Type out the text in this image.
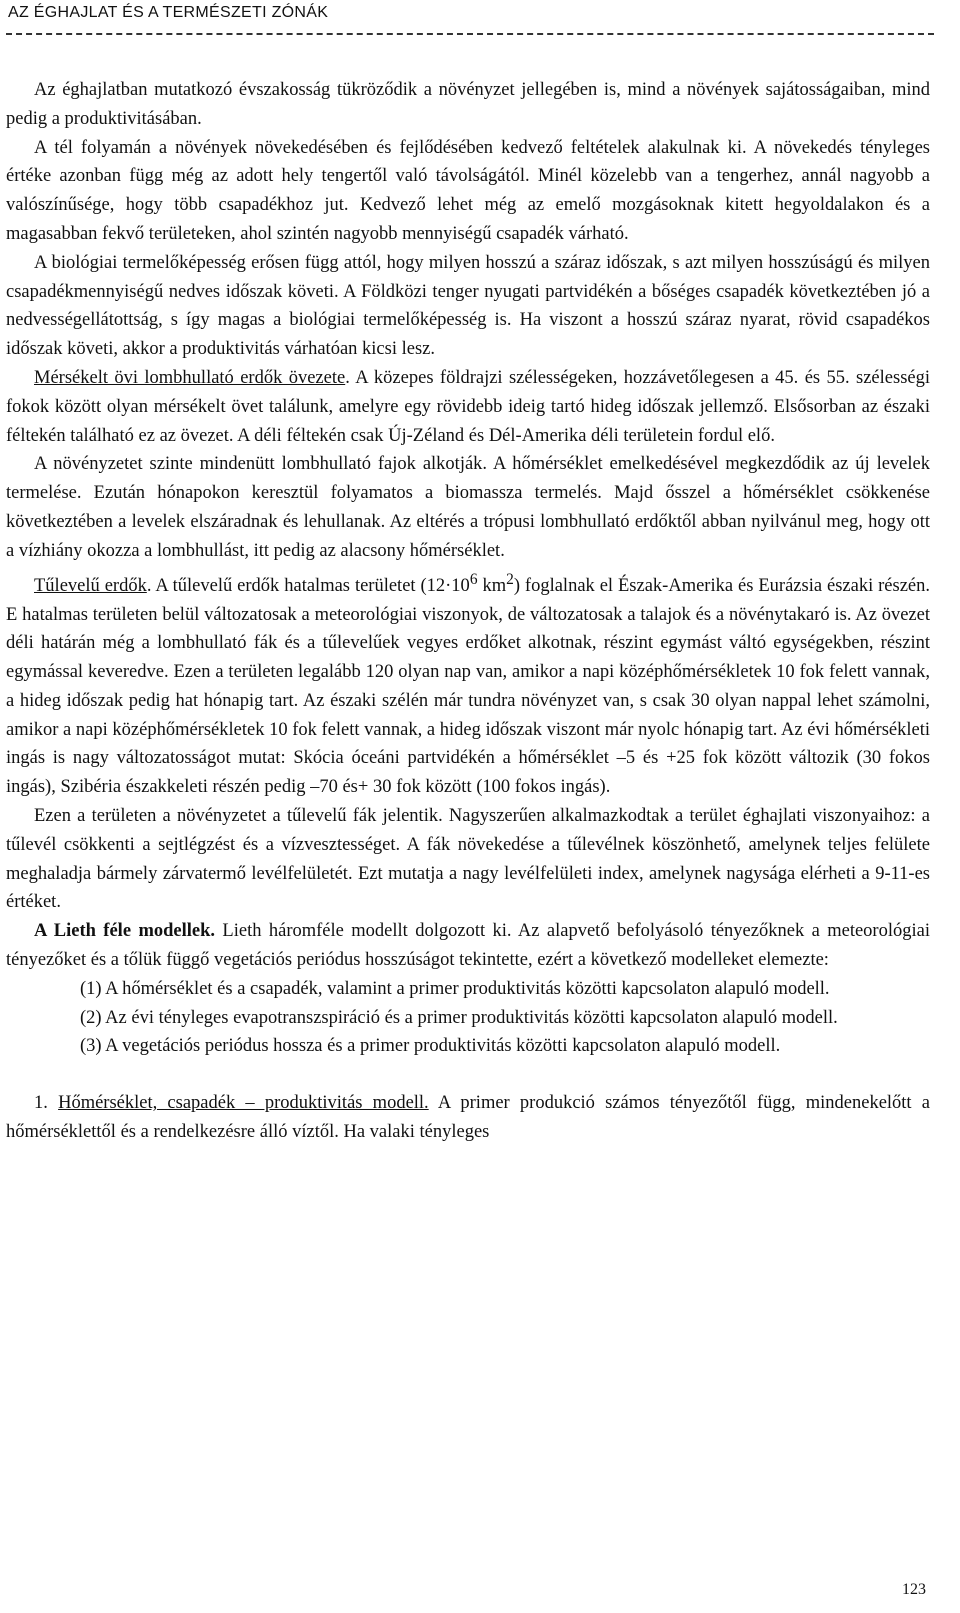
AZ ÉGHAJLAT ÉS A TERMÉSZETI ZÓNÁK

Az éghajlatban mutatkozó évszakosság tükröződik a növényzet jellegében is, mind a növények sajátosságaiban, mind pedig a produktivitásában.

A tél folyamán a növények növekedésében és fejlődésében kedvező feltételek alakulnak ki. A növekedés tényleges értéke azonban függ még az adott hely tengertől való távolságától. Minél közelebb van a tengerhez, annál nagyobb a valószínűsége, hogy több csapadékhoz jut. Kedvező lehet még az emelő mozgásoknak kitett hegyoldalakon és a magasabban fekvő területeken, ahol szintén nagyobb mennyiségű csapadék várható.

A biológiai termelőképesség erősen függ attól, hogy milyen hosszú a száraz időszak, s azt milyen hosszúságú és milyen csapadékmennyiségű nedves időszak követi. A Földközi tenger nyugati partvidékén a bőséges csapadék következtében jó a nedvességellátottság, s így magas a biológiai termelőképesség is. Ha viszont a hosszú száraz nyarat, rövid csapadékos időszak követi, akkor a produktivitás várhatóan kicsi lesz.

Mérsékelt övi lombhullató erdők övezete. A közepes földrajzi szélességeken, hozzávetőlegesen a 45. és 55. szélességi fokok között olyan mérsékelt övet találunk, amelyre egy rövidebb ideig tartó hideg időszak jellemző. Elsősorban az északi féltekén található ez az övezet. A déli féltekén csak Új-Zéland és Dél-Amerika déli területein fordul elő.

A növényzetet szinte mindenütt lombhullató fajok alkotják. A hőmérséklet emelkedésével megkezdődik az új levelek termelése. Ezután hónapokon keresztül folyamatos a biomassza termelés. Majd ősszel a hőmérséklet csökkenése következtében a levelek elszáradnak és lehullanak. Az eltérés a trópusi lombhullató erdőktől abban nyilvánul meg, hogy ott a vízhiány okozza a lombhullást, itt pedig az alacsony hőmérséklet.

Tűlevelű erdők. A tűlevelű erdők hatalmas területet ($12\cdot 10^6$ $km^2$) foglalnak el Észak-Amerika és Eurázsia északi részén. E hatalmas területen belül változatosak a meteorológiai viszonyok, de változatosak a talajok és a növénytakaró is. Az övezet déli határán még a lombhullató fák és a tűlevelűek vegyes erdőket alkotnak, részint egymást váltó egységekben, részint egymással keveredve. Ezen a területen legalább 120 olyan nap van, amikor a napi középhőmérsékletek 10 fok felett vannak, a hideg időszak pedig hat hónapig tart. Az északi szélén már tundra növényzet van, s csak 30 olyan nappal lehet számolni, amikor a napi középhőmérsékletek 10 fok felett vannak, a hideg időszak viszont már nyolc hónapig tart. Az évi hőmérsékleti ingás is nagy változatosságot mutat: Skócia óceáni partvidékén a hőmérséklet –5 és +25 fok között változik (30 fokos ingás), Szibéria északkeleti részén pedig –70 és+ 30 fok között (100 fokos ingás).

Ezen a területen a növényzetet a tűlevelű fák jelentik. Nagyszerűen alkalmazkodtak a terület éghajlati viszonyaihoz: a tűlevél csökkenti a sejtlégzést és a vízvesztességet. A fák növekedése a tűlevélnek köszönhető, amelynek teljes felülete meghaladja bármely zárvatermő levélfelületét. Ezt mutatja a nagy levélfelületi index, amelynek nagysága elérheti a 9-11-es értéket.

A Lieth féle modellek. Lieth háromféle modellt dolgozott ki. Az alapvető befolyásoló tényezőknek a meteorológiai tényezőket és a tőlük függő vegetációs periódus hosszúságot tekintette, ezért a következő modelleket elemezte:

(1) A hőmérséklet és a csapadék, valamint a primer produktivitás közötti kapcsolaton alapuló modell.

(2) Az évi tényleges evapotranszspiráció és a primer produktivitás közötti kapcsolaton alapuló modell.

(3) A vegetációs periódus hossza és a primer produktivitás közötti kapcsolaton alapuló modell.

1. Hőmérséklet, csapadék – produktivitás modell. A primer produkció számos tényezőtől függ, mindenekelőtt a hőmérséklettől és a rendelkezésre álló víztől. Ha valaki tényleges

123
